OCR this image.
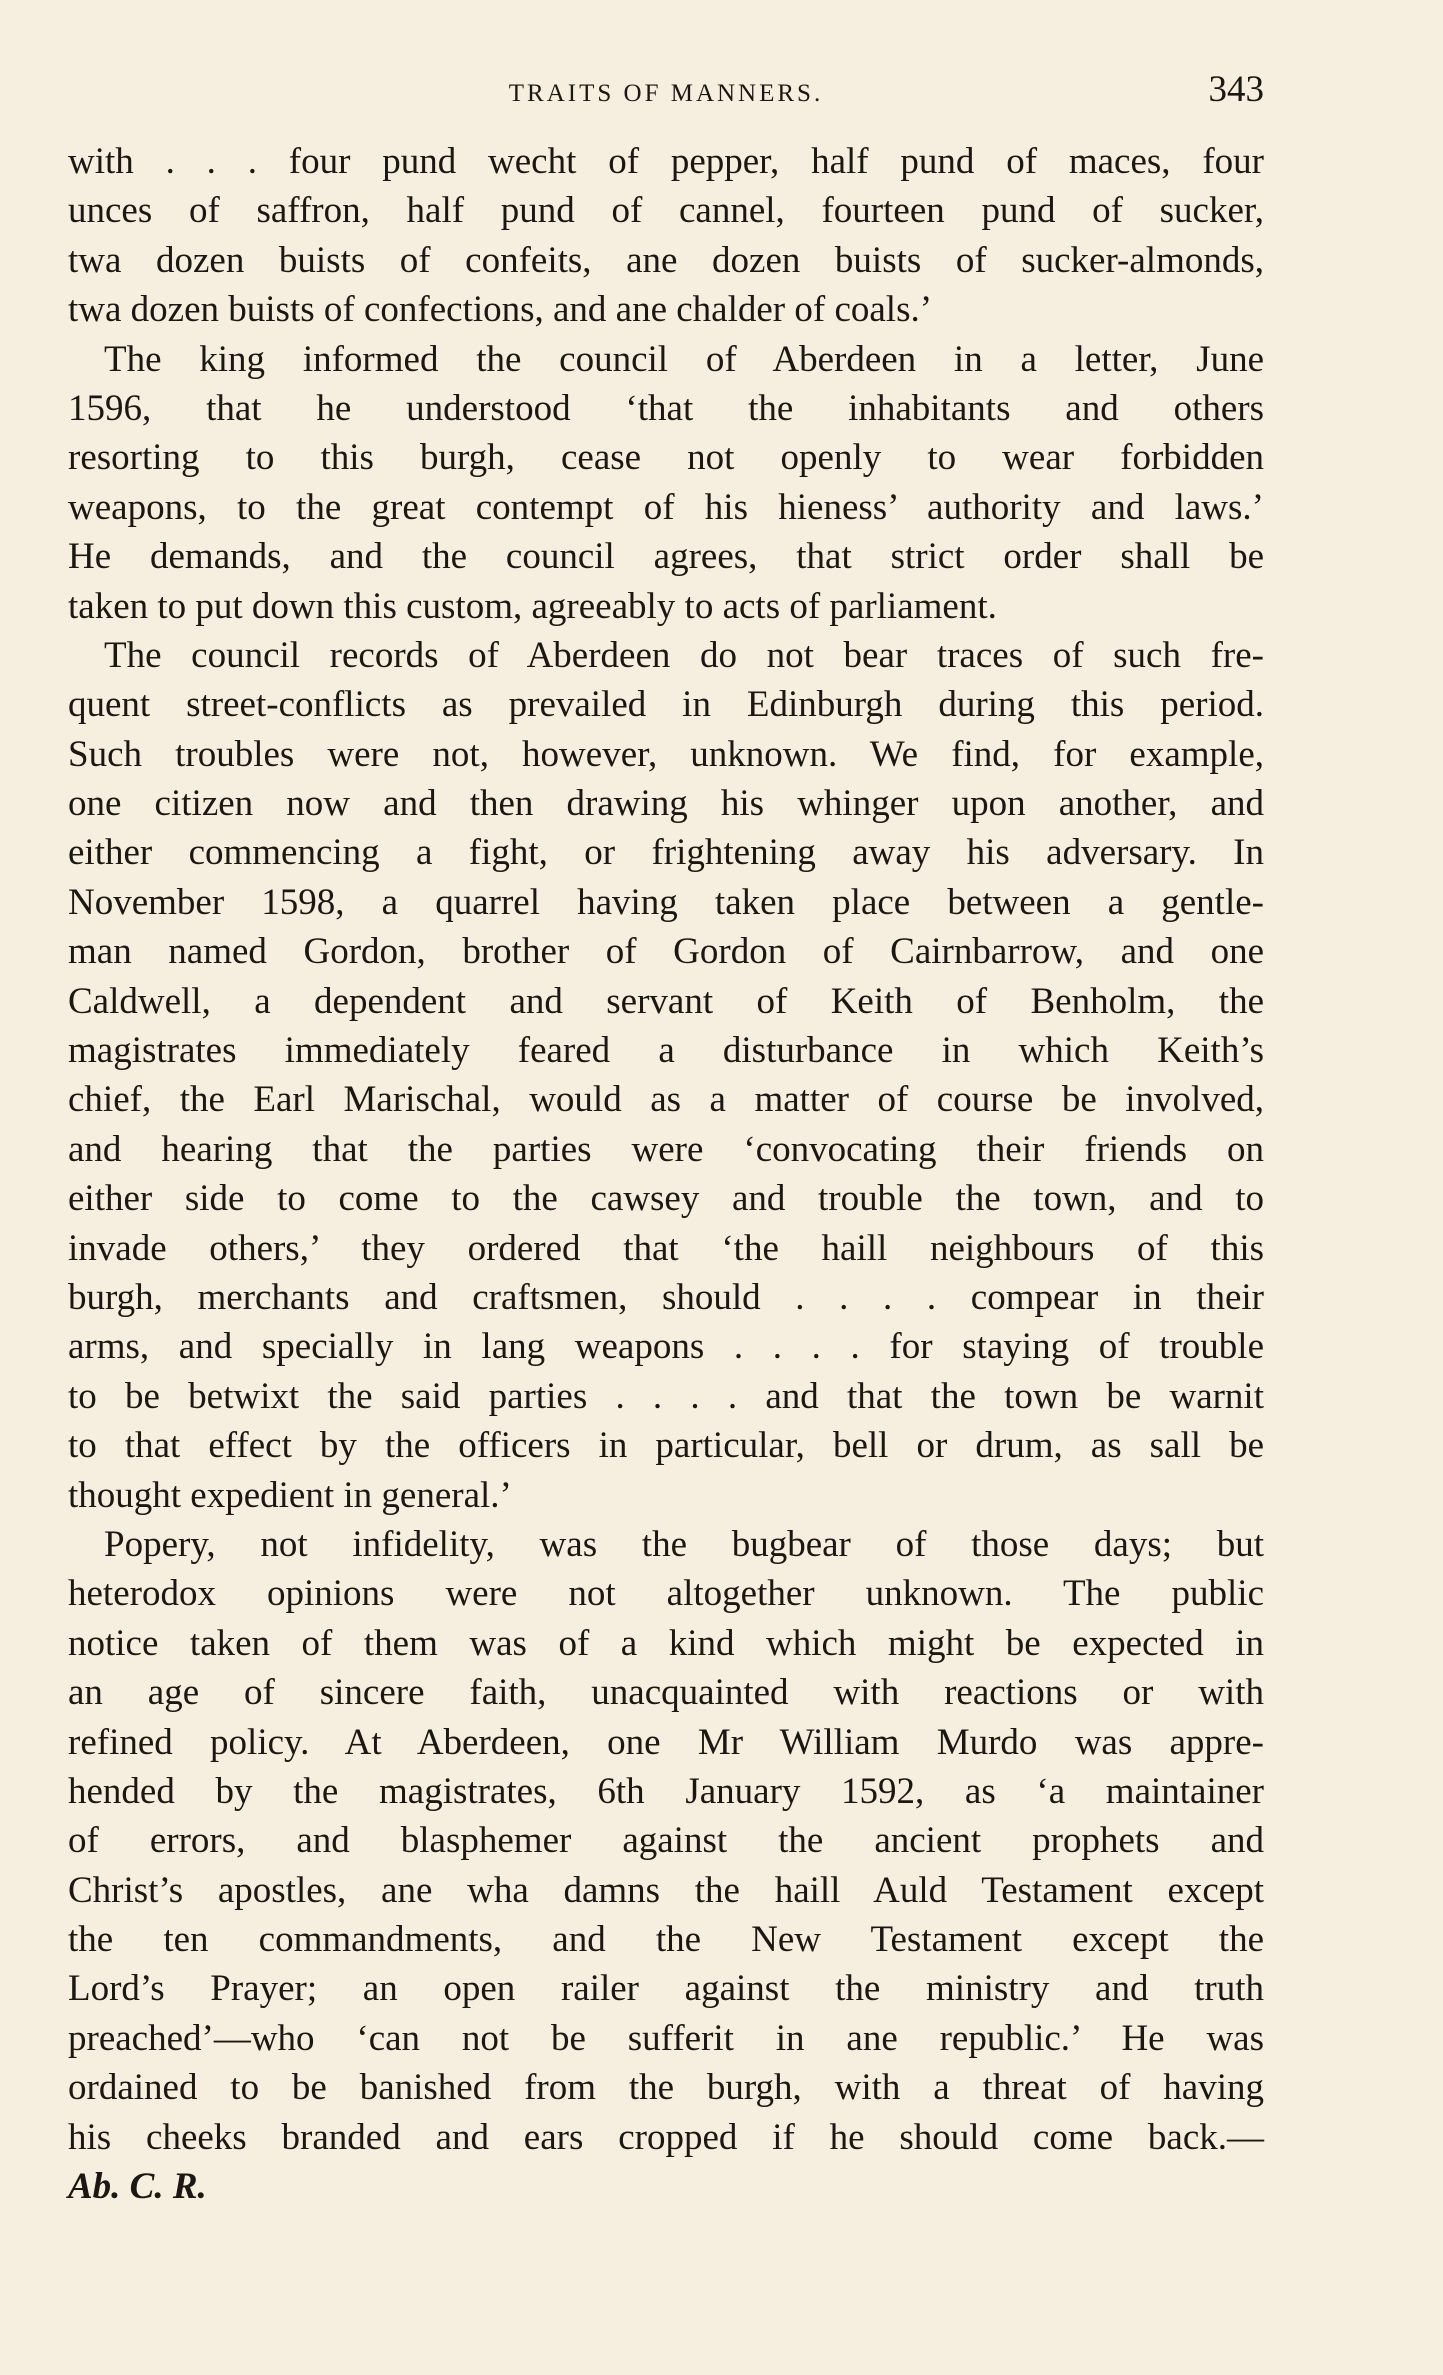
TRAITS OF MANNERS.	343
with . . . four pund wecht of pepper, half pund of maces, four
unces of saffron, half pund of cannel, fourteen pund of sucker,
twa dozen buists of confeits, ane dozen buists of sucker-almonds,
twa dozen buists of confections, and ane chalder of coals.’
The king informed the council of Aberdeen in a letter, June
1596, that he understood ‘that the inhabitants and others
resorting to this burgh, cease not openly to wear forbidden
weapons, to the great contempt of his hieness’ authority and laws.’
He demands, and the council agrees, that strict order shall be
taken to put down this custom, agreeably to acts of parliament.
The council records of Aberdeen do not bear traces of such fre-
quent street-conflicts as prevailed in Edinburgh during this period.
Such troubles were not, however, unknown. We find, for example,
one citizen now and then drawing his whinger upon another, and
either commencing a fight, or frightening away his adversary. In
November 1598, a quarrel having taken place between a gentle-
man named Gordon, brother of Gordon of Cairnbarrow, and one
Caldwell, a dependent and servant of Keith of Benholm, the
magistrates immediately feared a disturbance in which Keith’s
chief, the Earl Marischal, would as a matter of course be involved,
and hearing that the parties were ‘convocating their friends on
either side to come to the cawsey and trouble the town, and to
invade others,’ they ordered that ‘the haill neighbours of this
burgh, merchants and craftsmen, should . . . . compear in their
arms, and specially in lang weapons . . . . for staying of trouble
to be betwixt the said parties . . . . and that the town be warnit
to that effect by the officers in particular, bell or drum, as sall be
thought expedient in general.’
Popery, not infidelity, was the bugbear of those days; but
heterodox opinions were not altogether unknown. The public
notice taken of them was of a kind which might be expected in
an age of sincere faith, unacquainted with reactions or with
refined policy. At Aberdeen, one Mr William Murdo was appre-
hended by the magistrates, 6th January 1592, as ‘a maintainer
of errors, and blasphemer against the ancient prophets and
Christ’s apostles, ane wha damns the haill Auld Testament except
the ten commandments, and the New Testament except the
Lord’s Prayer; an open railer against the ministry and truth
preached’—who ‘can not be sufferit in ane republic.’ He was
ordained to be banished from the burgh, with a threat of having
his cheeks branded and ears cropped if he should come back.—
Ab. C. R.
